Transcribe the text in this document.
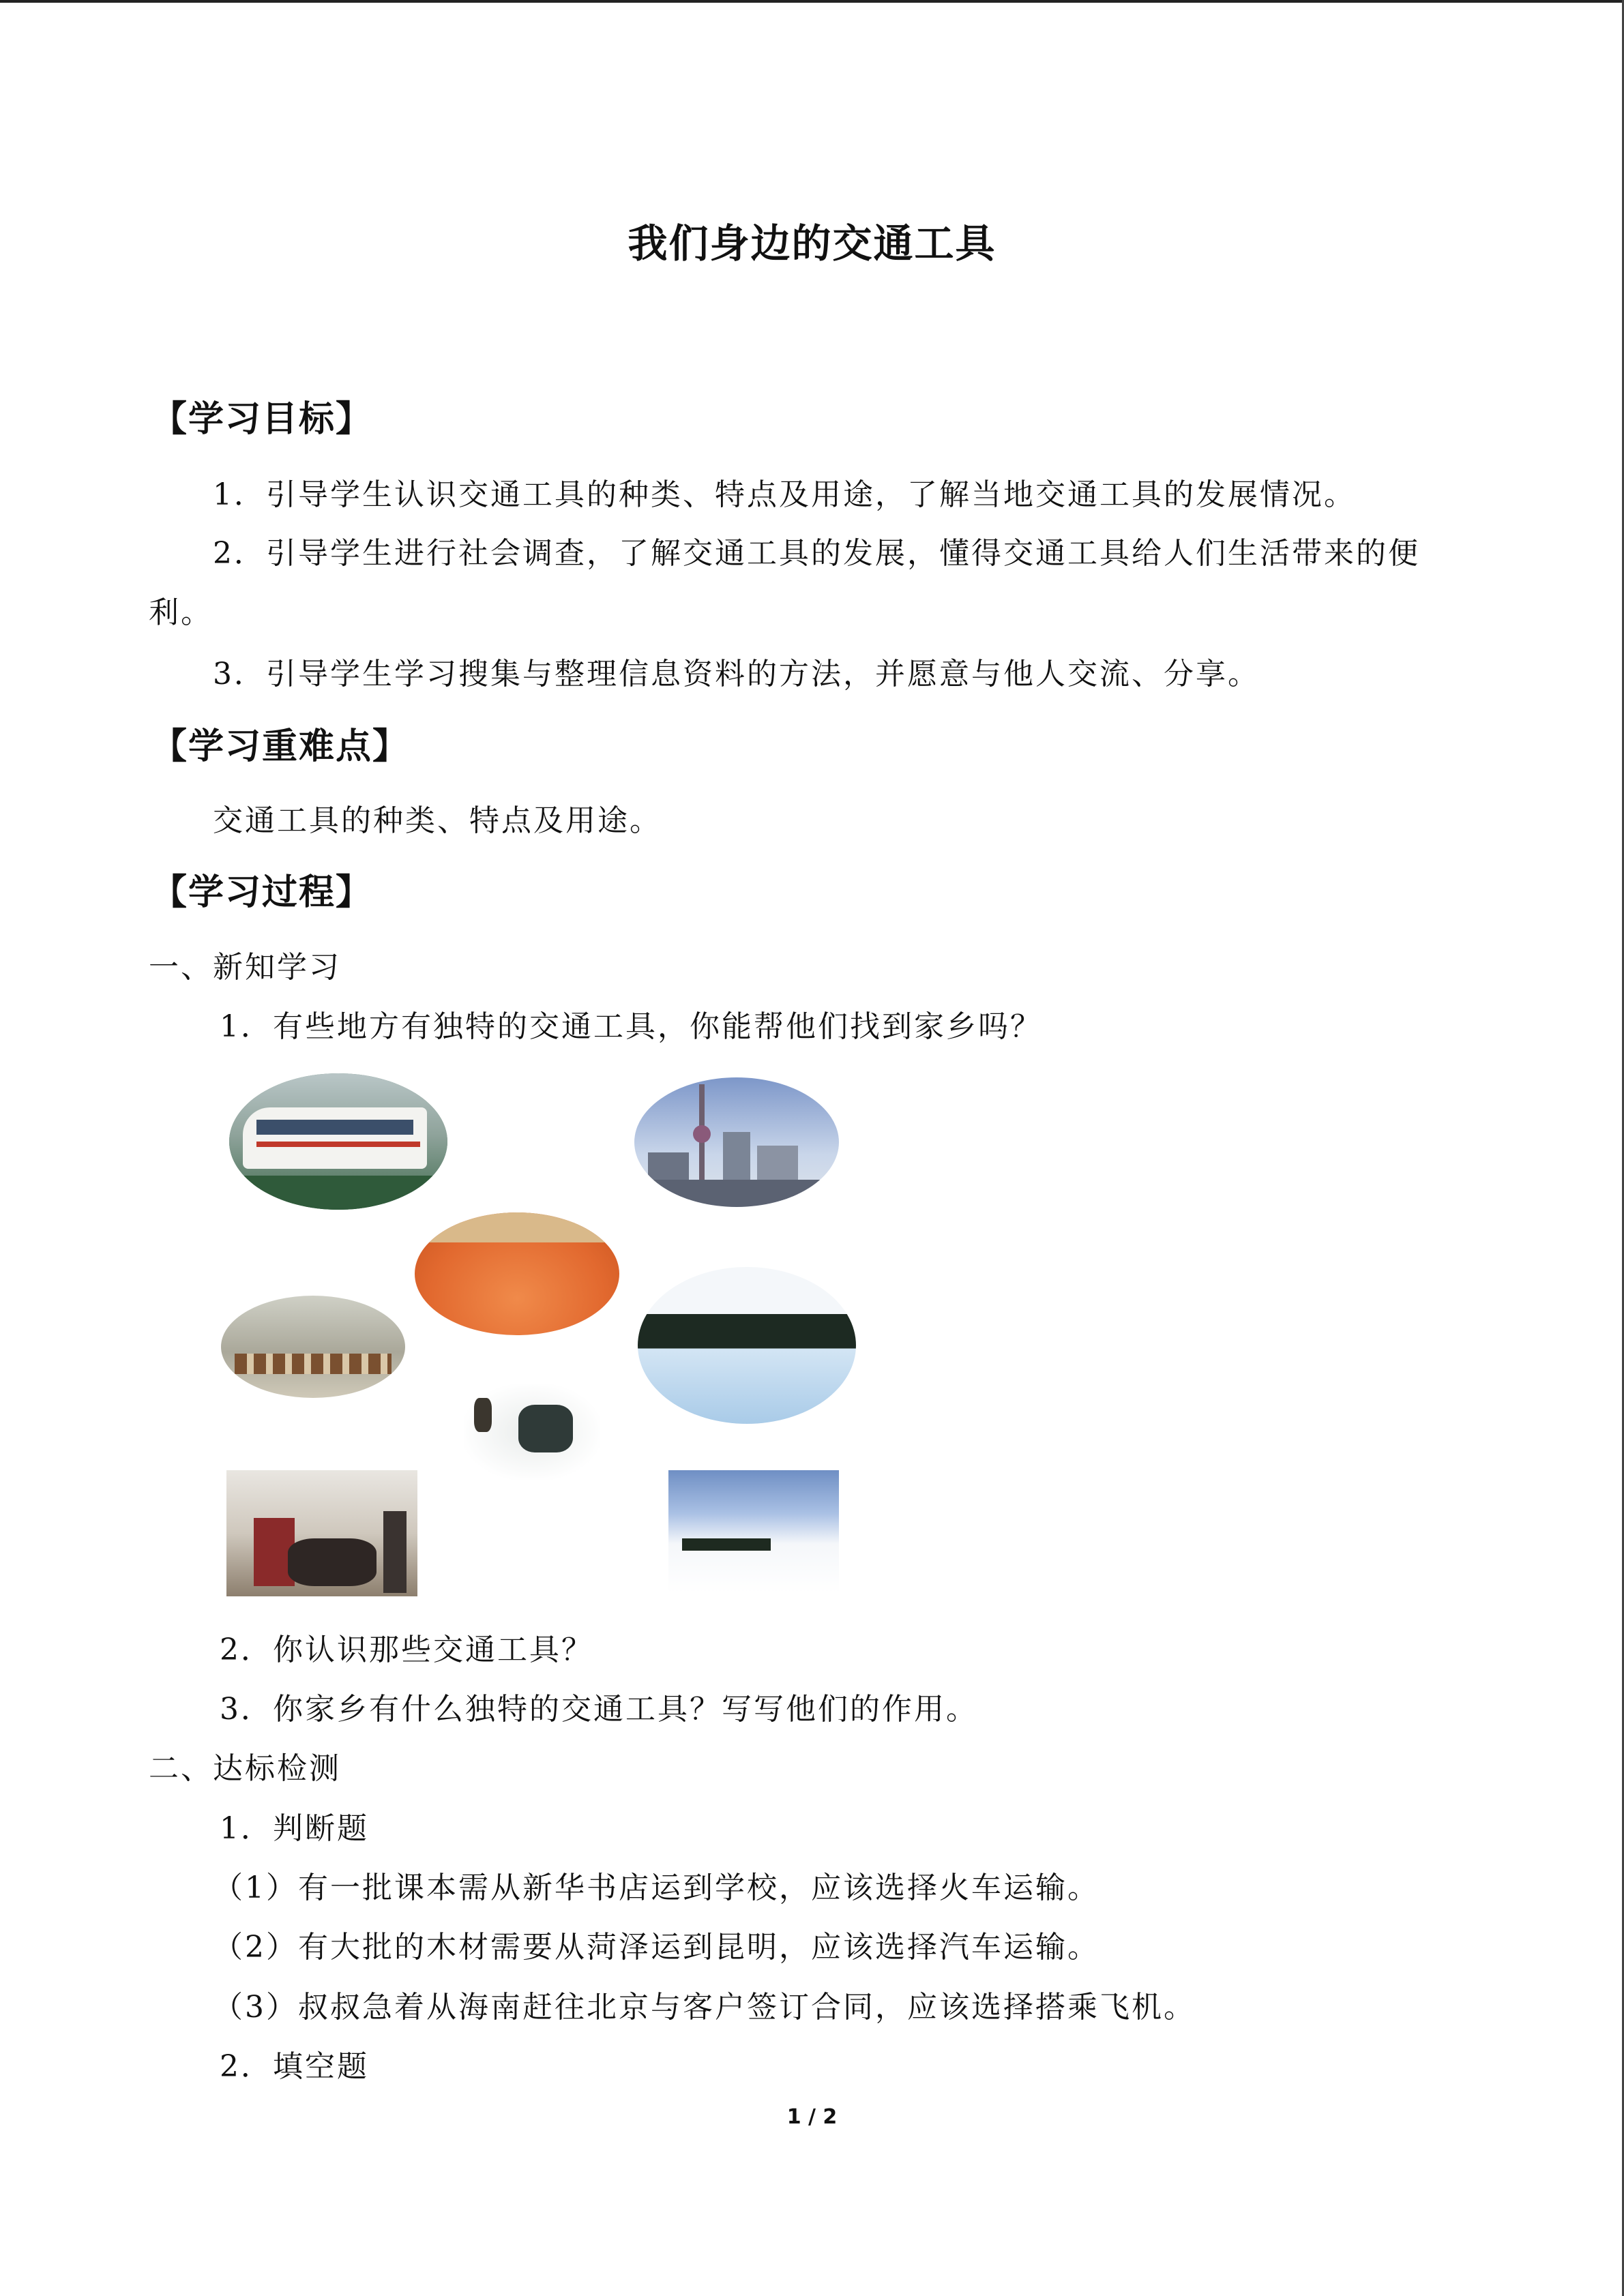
我们身边的交通工具
【学习目标】
1．引导学生认识交通工具的种类、特点及用途，了解当地交通工具的发展情况。
2．引导学生进行社会调查，了解交通工具的发展，懂得交通工具给人们生活带来的便
利。
3．引导学生学习搜集与整理信息资料的方法，并愿意与他人交流、分享。
【学习重难点】
交通工具的种类、特点及用途。
【学习过程】
一、新知学习
1．有些地方有独特的交通工具，你能帮他们找到家乡吗？
2．你认识那些交通工具？
3．你家乡有什么独特的交通工具？写写他们的作用。
二、达标检测
1．判断题
（1）有一批课本需从新华书店运到学校，应该选择火车运输。
（2）有大批的木材需要从菏泽运到昆明，应该选择汽车运输。
（3）叔叔急着从海南赶往北京与客户签订合同，应该选择搭乘飞机。
2．填空题
1 / 2
